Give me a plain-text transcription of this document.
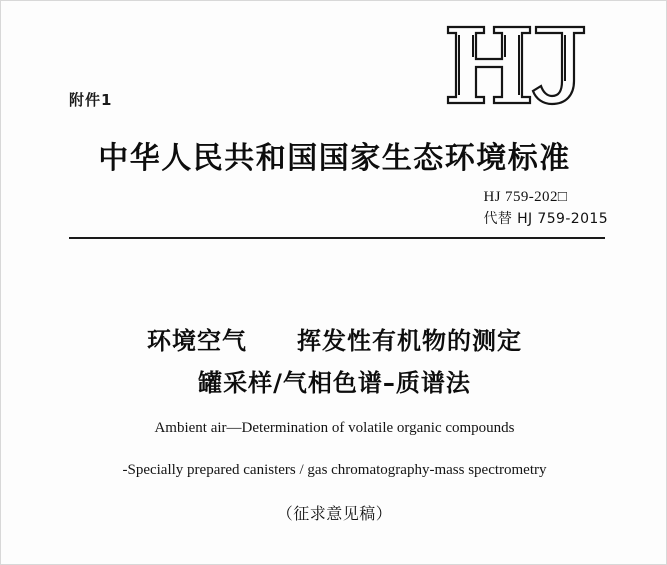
附件1
中华人民共和国国家生态环境标准
HJ 759-202□
代替 HJ 759-2015
环境空气　　挥发性有机物的测定
罐采样/气相色谱–质谱法
Ambient air—Determination of volatile organic compounds
-Specially prepared canisters / gas chromatography-mass spectrometry
（征求意见稿）
